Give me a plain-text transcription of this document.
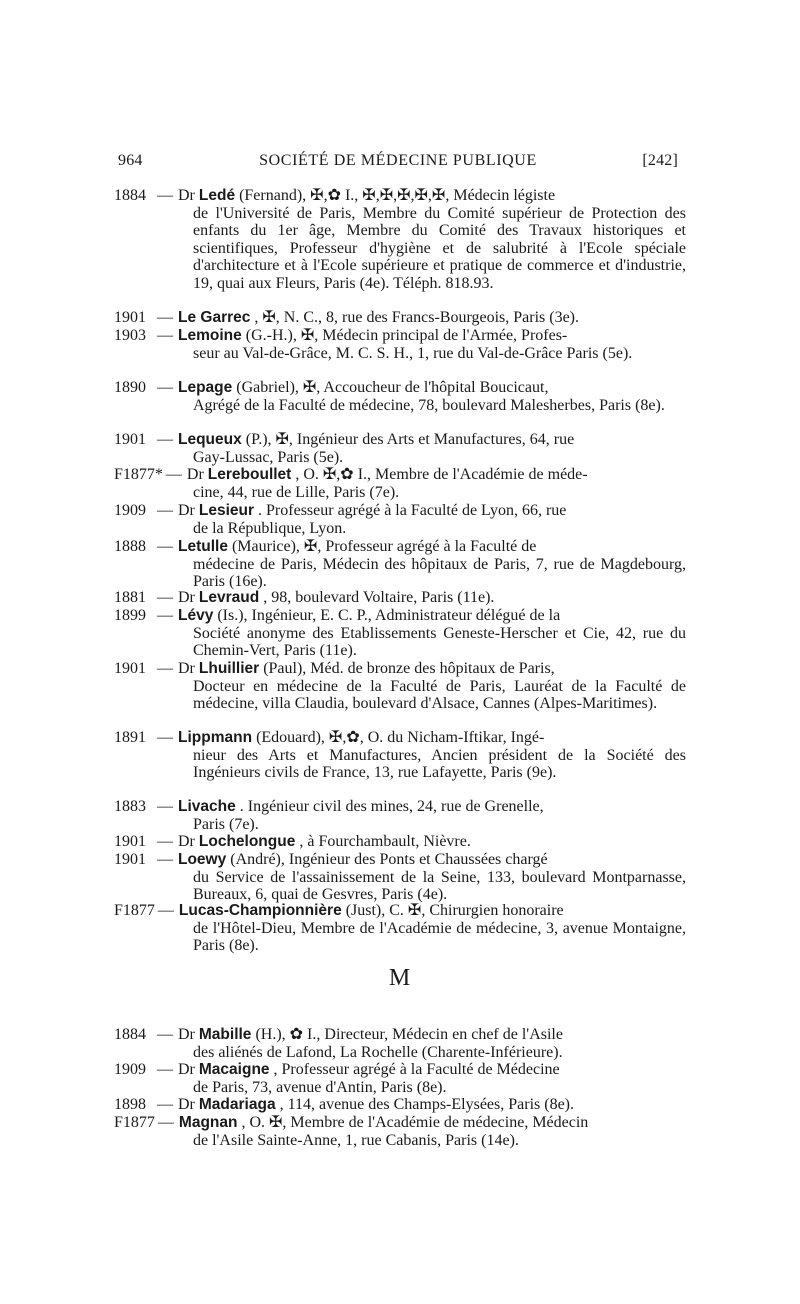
964	SOCIÉTÉ DE MÉDECINE PUBLIQUE	[242]
1884 — Dr Ledé (Fernand), ✠,✿ I., ✠,✠,✠,✠,✠, Médecin légiste
de l'Université de Paris, Membre du Comité supérieur de Protection des enfants du 1er âge, Membre du Comité des Travaux historiques et scientifiques, Professeur d'hygiène et de salubrité à l'Ecole spéciale d'architecture et à l'Ecole supérieure et pratique de commerce et d'industrie, 19, quai aux Fleurs, Paris (4e). Téléph. 818.93.
1901 — Le Garrec , ✠, N. C., 8, rue des Francs-Bourgeois, Paris (3e).
1903 — Lemoine (G.-H.), ✠, Médecin principal de l'Armée, Profes-
seur au Val-de-Grâce, M. C. S. H., 1, rue du Val-de-Grâce Paris (5e).
1890 — Lepage (Gabriel), ✠, Accoucheur de l'hôpital Boucicaut,
Agrégé de la Faculté de médecine, 78, boulevard Malesherbes, Paris (8e).
1901 — Lequeux (P.), ✠, Ingénieur des Arts et Manufactures, 64, rue
Gay-Lussac, Paris (5e).
F1877* — Dr Lereboullet , O. ✠,✿ I., Membre de l'Académie de méde-
cine, 44, rue de Lille, Paris (7e).
1909 — Dr Lesieur . Professeur agrégé à la Faculté de Lyon, 66, rue
de la République, Lyon.
1888 — Letulle (Maurice), ✠, Professeur agrégé à la Faculté de
médecine de Paris, Médecin des hôpitaux de Paris, 7, rue de Magdebourg, Paris (16e).
1881 — Dr Levraud , 98, boulevard Voltaire, Paris (11e).
1899 — Lévy (Is.), Ingénieur, E. C. P., Administrateur délégué de la
Société anonyme des Etablissements Geneste-Herscher et Cie, 42, rue du Chemin-Vert, Paris (11e).
1901 — Dr Lhuillier (Paul), Méd. de bronze des hôpitaux de Paris,
Docteur en médecine de la Faculté de Paris, Lauréat de la Faculté de médecine, villa Claudia, boulevard d'Alsace, Cannes (Alpes-Maritimes).
1891 — Lippmann (Edouard), ✠,✿, O. du Nicham-Iftikar, Ingé-
nieur des Arts et Manufactures, Ancien président de la Société des Ingénieurs civils de France, 13, rue Lafayette, Paris (9e).
1883 — Livache . Ingénieur civil des mines, 24, rue de Grenelle,
Paris (7e).
1901 — Dr Lochelongue , à Fourchambault, Nièvre.
1901 — Loewy (André), Ingénieur des Ponts et Chaussées chargé
du Service de l'assainissement de la Seine, 133, boulevard Montparnasse, Bureaux, 6, quai de Gesvres, Paris (4e).
F1877 — Lucas-Championnière (Just), C. ✠, Chirurgien honoraire
de l'Hôtel-Dieu, Membre de l'Académie de médecine, 3, avenue Montaigne, Paris (8e).
M
1884 — Dr Mabille (H.), ✿ I., Directeur, Médecin en chef de l'Asile
des aliénés de Lafond, La Rochelle (Charente-Inférieure).
1909 — Dr Macaigne , Professeur agrégé à la Faculté de Médecine
de Paris, 73, avenue d'Antin, Paris (8e).
1898 — Dr Madariaga , 114, avenue des Champs-Elysées, Paris (8e).
F1877 — Magnan , O. ✠, Membre de l'Académie de médecine, Médecin
de l'Asile Sainte-Anne, 1, rue Cabanis, Paris (14e).
